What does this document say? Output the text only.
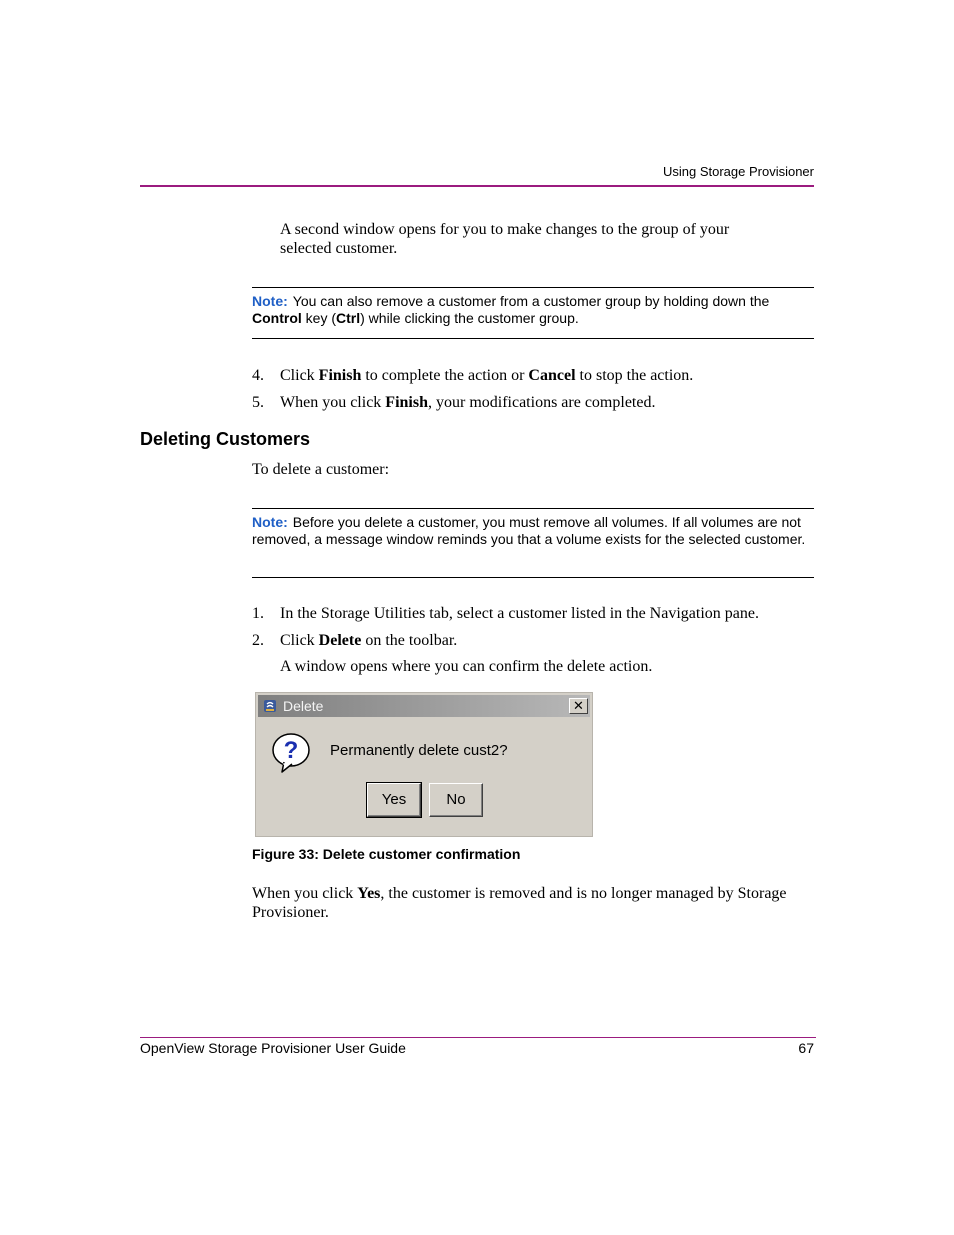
Using Storage Provisioner
A second window opens for you to make changes to the group of your selected customer.
Note: You can also remove a customer from a customer group by holding down the Control key (Ctrl) while clicking the customer group.
4. Click Finish to complete the action or Cancel to stop the action.
5. When you click Finish, your modifications are completed.
Deleting Customers
To delete a customer:
Note: Before you delete a customer, you must remove all volumes. If all volumes are not removed, a message window reminds you that a volume exists for the selected customer.
1. In the Storage Utilities tab, select a customer listed in the Navigation pane.
2. Click Delete on the toolbar.
A window opens where you can confirm the delete action.
Delete	✕
? Permanently delete cust2?
Yes	No
Figure 33: Delete customer confirmation
When you click Yes, the customer is removed and is no longer managed by Storage Provisioner.
OpenView Storage Provisioner User Guide	67
